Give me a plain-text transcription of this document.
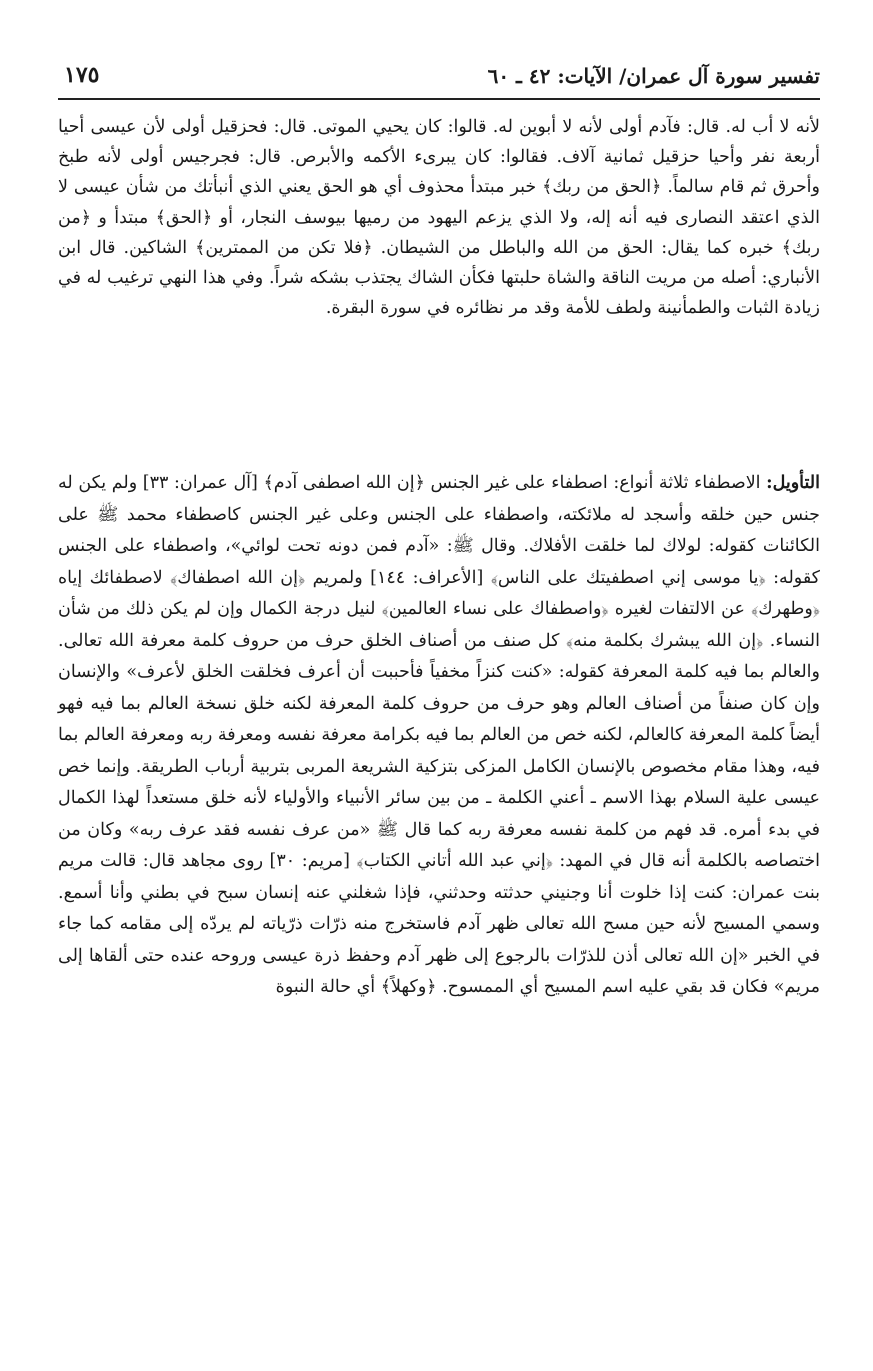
تفسير سورة آل عمران/ الآيات: ٤٢ ـ ٦٠
١٧٥

لأنه لا أب له. قال: فآدم أولى لأنه لا أبوين له. قالوا: كان يحيي الموتى. قال: فحزقيل أولى لأن عيسى أحيا أربعة نفر وأحيا حزقيل ثمانية آلاف. فقالوا: كان يبرىء الأكمه والأبرص. قال: فجرجيس أولى لأنه طبخ وأحرق ثم قام سالماً. ﴿الحق من ربك﴾ خبر مبتدأ محذوف أي هو الحق يعني الذي أنبأتك من شأن عيسى لا الذي اعتقد النصارى فيه أنه إله، ولا الذي يزعم اليهود من رميها بيوسف النجار، أو ﴿الحق﴾ مبتدأ و ﴿من ربك﴾ خبره كما يقال: الحق من الله والباطل من الشيطان. ﴿فلا تكن من الممترين﴾ الشاكين. قال ابن الأنباري: أصله من مريت الناقة والشاة حلبتها فكأن الشاك يجتذب بشكه شراً. وفي هذا النهي ترغيب له في زيادة الثبات والطمأنينة ولطف للأمة وقد مر نظائره في سورة البقرة.

التأويل: الاصطفاء ثلاثة أنواع: اصطفاء على غير الجنس ﴿إن الله اصطفى آدم﴾ [آل عمران: ٣٣] ولم يكن له جنس حين خلقه وأسجد له ملائكته، واصطفاء على الجنس وعلى غير الجنس كاصطفاء محمد ﷺ على الكائنات كقوله: لولاك لما خلقت الأفلاك. وقال ﷺ: «آدم فمن دونه تحت لوائي»، واصطفاء على الجنس كقوله: ﴿يا موسى إني اصطفيتك على الناس﴾ [الأعراف: ١٤٤] ولمريم ﴿إن الله اصطفاك﴾ لاصطفائك إياه ﴿وطهرك﴾ عن الالتفات لغيره ﴿واصطفاك على نساء العالمين﴾ لنيل درجة الكمال وإن لم يكن ذلك من شأن النساء. ﴿إن الله يبشرك بكلمة منه﴾ كل صنف من أصناف الخلق حرف من حروف كلمة معرفة الله تعالى. والعالم بما فيه كلمة المعرفة كقوله: «كنت كنزاً مخفياً فأحببت أن أعرف فخلقت الخلق لأعرف» والإنسان وإن كان صنفاً من أصناف العالم وهو حرف من حروف كلمة المعرفة لكنه خلق نسخة العالم بما فيه فهو أيضاً كلمة المعرفة كالعالم، لكنه خص من العالم بما فيه بكرامة معرفة نفسه ومعرفة ربه ومعرفة العالم بما فيه، وهذا مقام مخصوص بالإنسان الكامل المزكى بتزكية الشريعة المربى بتربية أرباب الطريقة. وإنما خص عيسى علية السلام بهذا الاسم ـ أعني الكلمة ـ من بين سائر الأنبياء والأولياء لأنه خلق مستعداً لهذا الكمال في بدء أمره. قد فهم من كلمة نفسه معرفة ربه كما قال ﷺ «من عرف نفسه فقد عرف ربه» وكان من اختصاصه بالكلمة أنه قال في المهد: ﴿إني عبد الله أتاني الكتاب﴾ [مريم: ٣٠] روى مجاهد قال: قالت مريم بنت عمران: كنت إذا خلوت أنا وجنيني حدثته وحدثني، فإذا شغلني عنه إنسان سبح في بطني وأنا أسمع. وسمي المسيح لأنه حين مسح الله تعالى ظهر آدم فاستخرج منه ذرّات ذرّياته لم يردّه إلى مقامه كما جاء في الخبر «إن الله تعالى أذن للذرّات بالرجوع إلى ظهر آدم وحفظ ذرة عيسى وروحه عنده حتى ألقاها إلى مريم» فكان قد بقي عليه اسم المسيح أي الممسوح. ﴿وكهلاً﴾ أي حالة النبوة
